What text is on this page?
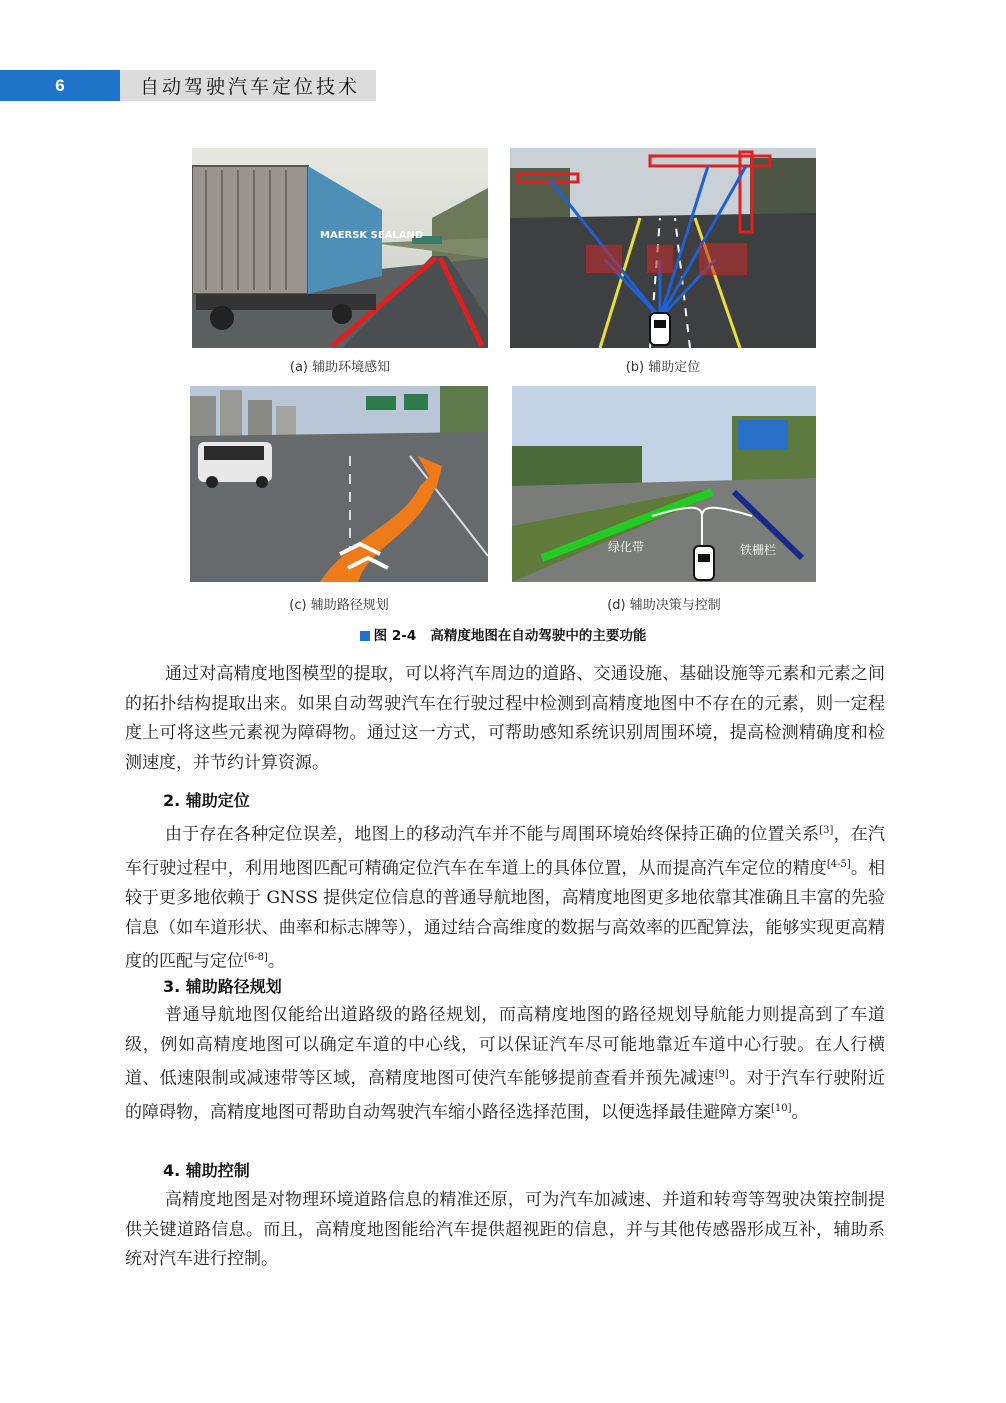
6	自动驾驶汽车定位技术
MAERSK SEALAND
(a) 辅助环境感知	(b) 辅助定位
(c) 辅助路径规划
绿化带	铁栅栏
(d) 辅助决策与控制
图 2-4 高精度地图在自动驾驶中的主要功能

通过对高精度地图模型的提取，可以将汽车周边的道路、交通设施、基础设施等元素和元素之间的拓扑结构提取出来。如果自动驾驶汽车在行驶过程中检测到高精度地图中不存在的元素，则一定程度上可将这些元素视为障碍物。通过这一方式，可帮助感知系统识别周围环境，提高检测精确度和检测速度，并节约计算资源。

2. 辅助定位

由于存在各种定位误差，地图上的移动汽车并不能与周围环境始终保持正确的位置关系[3]，在汽车行驶过程中，利用地图匹配可精确定位汽车在车道上的具体位置，从而提高汽车定位的精度[4-5]。相较于更多地依赖于 GNSS 提供定位信息的普通导航地图，高精度地图更多地依靠其准确且丰富的先验信息（如车道形状、曲率和标志牌等），通过结合高维度的数据与高效率的匹配算法，能够实现更高精度的匹配与定位[6-8]。

3. 辅助路径规划

普通导航地图仅能给出道路级的路径规划，而高精度地图的路径规划导航能力则提高到了车道级，例如高精度地图可以确定车道的中心线，可以保证汽车尽可能地靠近车道中心行驶。在人行横道、低速限制或减速带等区域，高精度地图可使汽车能够提前查看并预先减速[9]。对于汽车行驶附近的障碍物，高精度地图可帮助自动驾驶汽车缩小路径选择范围，以便选择最佳避障方案[10]。

4. 辅助控制

高精度地图是对物理环境道路信息的精准还原，可为汽车加减速、并道和转弯等驾驶决策控制提供关键道路信息。而且，高精度地图能给汽车提供超视距的信息，并与其他传感器形成互补，辅助系统对汽车进行控制。
